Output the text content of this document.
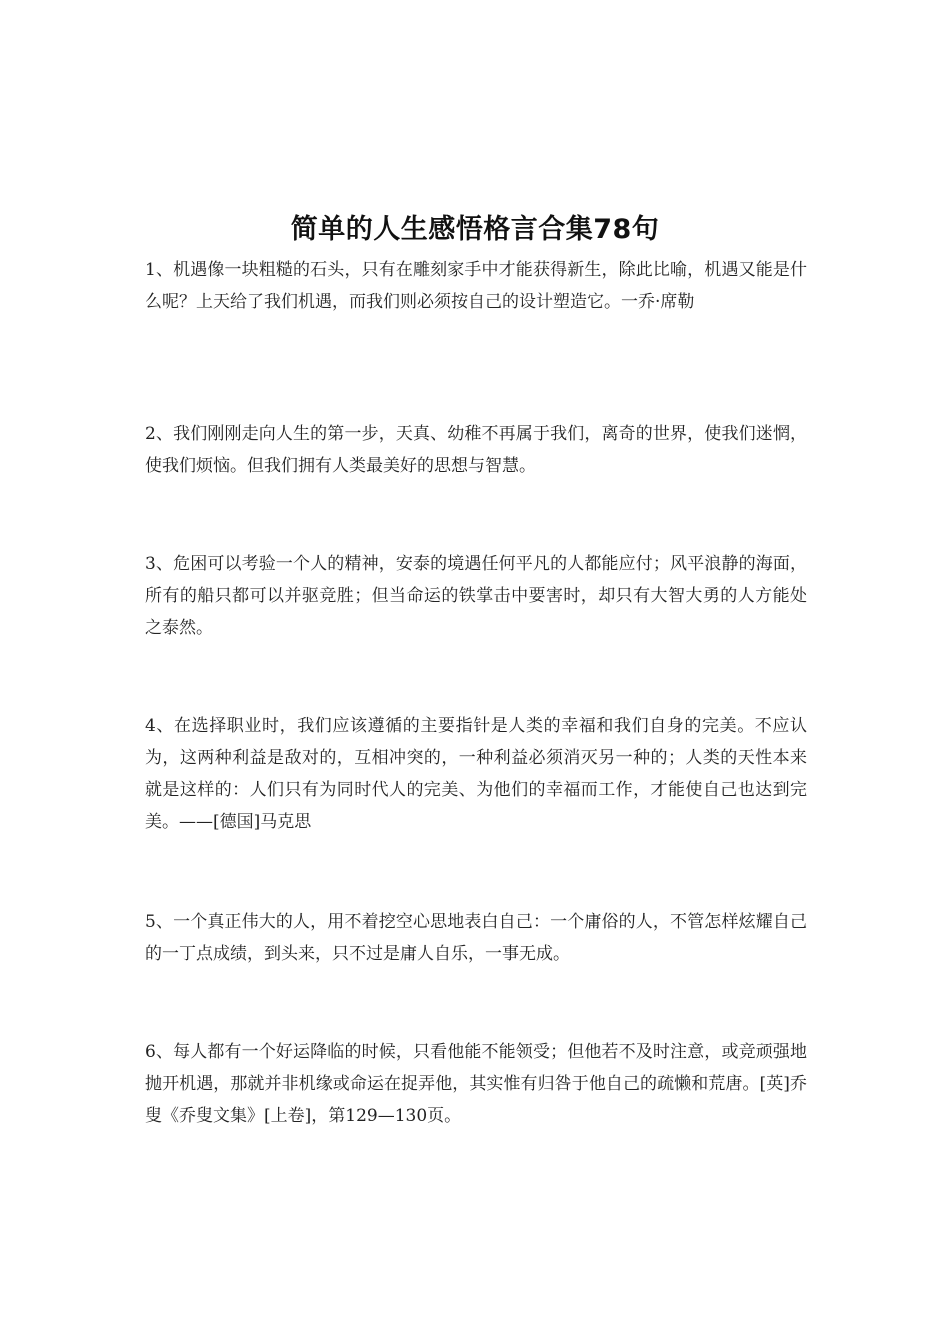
简单的人生感悟格言合集78句

1、机遇像一块粗糙的石头，只有在雕刻家手中才能获得新生，除此比喻，机遇又能是什么呢？上天给了我们机遇，而我们则必须按自己的设计塑造它。一乔·席勒

2、我们刚刚走向人生的第一步，天真、幼稚不再属于我们，离奇的世界，使我们迷惘，使我们烦恼。但我们拥有人类最美好的思想与智慧。

3、危困可以考验一个人的精神，安泰的境遇任何平凡的人都能应付；风平浪静的海面，所有的船只都可以并驱竞胜；但当命运的铁掌击中要害时，却只有大智大勇的人方能处之泰然。

4、在选择职业时，我们应该遵循的主要指针是人类的幸福和我们自身的完美。不应认为，这两种利益是敌对的，互相冲突的，一种利益必须消灭另一种的；人类的天性本来就是这样的：人们只有为同时代人的完美、为他们的幸福而工作，才能使自己也达到完美。——[德国]马克思

5、一个真正伟大的人，用不着挖空心思地表白自己：一个庸俗的人，不管怎样炫耀自己的一丁点成绩，到头来，只不过是庸人自乐，一事无成。

6、每人都有一个好运降临的时候，只看他能不能领受；但他若不及时注意，或竞顽强地抛开机遇，那就并非机缘或命运在捉弄他，其实惟有归咎于他自己的疏懒和荒唐。[英]乔叟《乔叟文集》[上卷]，第129—130页。
